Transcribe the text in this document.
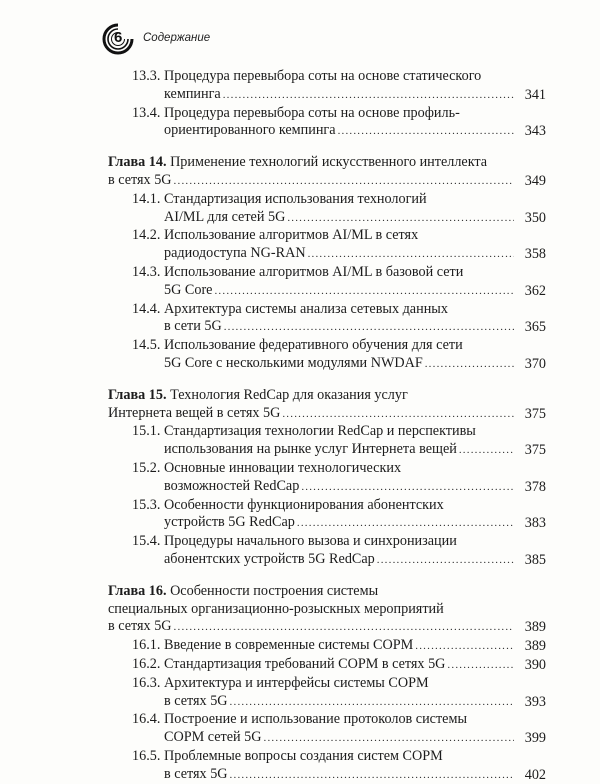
6 Содержание
13.3. Процедура перевыбора соты на основе статического
кемпинга .....	341
13.4. Процедура перевыбора соты на основе профиль-
ориентированного кемпинга .....	343
Глава 14. Применение технологий искусственного интеллекта
в сетях 5G .....	349
14.1. Стандартизация использования технологий
AI/ML для сетей 5G .....	350
14.2. Использование алгоритмов AI/ML в сетях
радиодоступа NG-RAN .....	358
14.3. Использование алгоритмов AI/ML в базовой сети
5G Core .....	362
14.4. Архитектура системы анализа сетевых данных
в сети 5G .....	365
14.5. Использование федеративного обучения для сети
5G Core с несколькими модулями NWDAF .....	370
Глава 15. Технология RedCap для оказания услуг
Интернета вещей в сетях 5G .....	375
15.1. Стандартизация технологии RedCap и перспективы
использования на рынке услуг Интернета вещей .....	375
15.2. Основные инновации технологических
возможностей RedCap .....	378
15.3. Особенности функционирования абонентских
устройств 5G RedCap .....	383
15.4. Процедуры начального вызова и синхронизации
абонентских устройств 5G RedCap .....	385
Глава 16. Особенности построения системы
специальных организационно-розыскных мероприятий
в сетях 5G .....	389
16.1. Введение в современные системы СОРМ .....	389
16.2. Стандартизация требований СОРМ в сетях 5G .....	390
16.3. Архитектура и интерфейсы системы СОРМ
в сетях 5G .....	393
16.4. Построение и использование протоколов системы
СОРМ сетей 5G .....	399
16.5. Проблемные вопросы создания систем СОРМ
в сетях 5G .....	402
